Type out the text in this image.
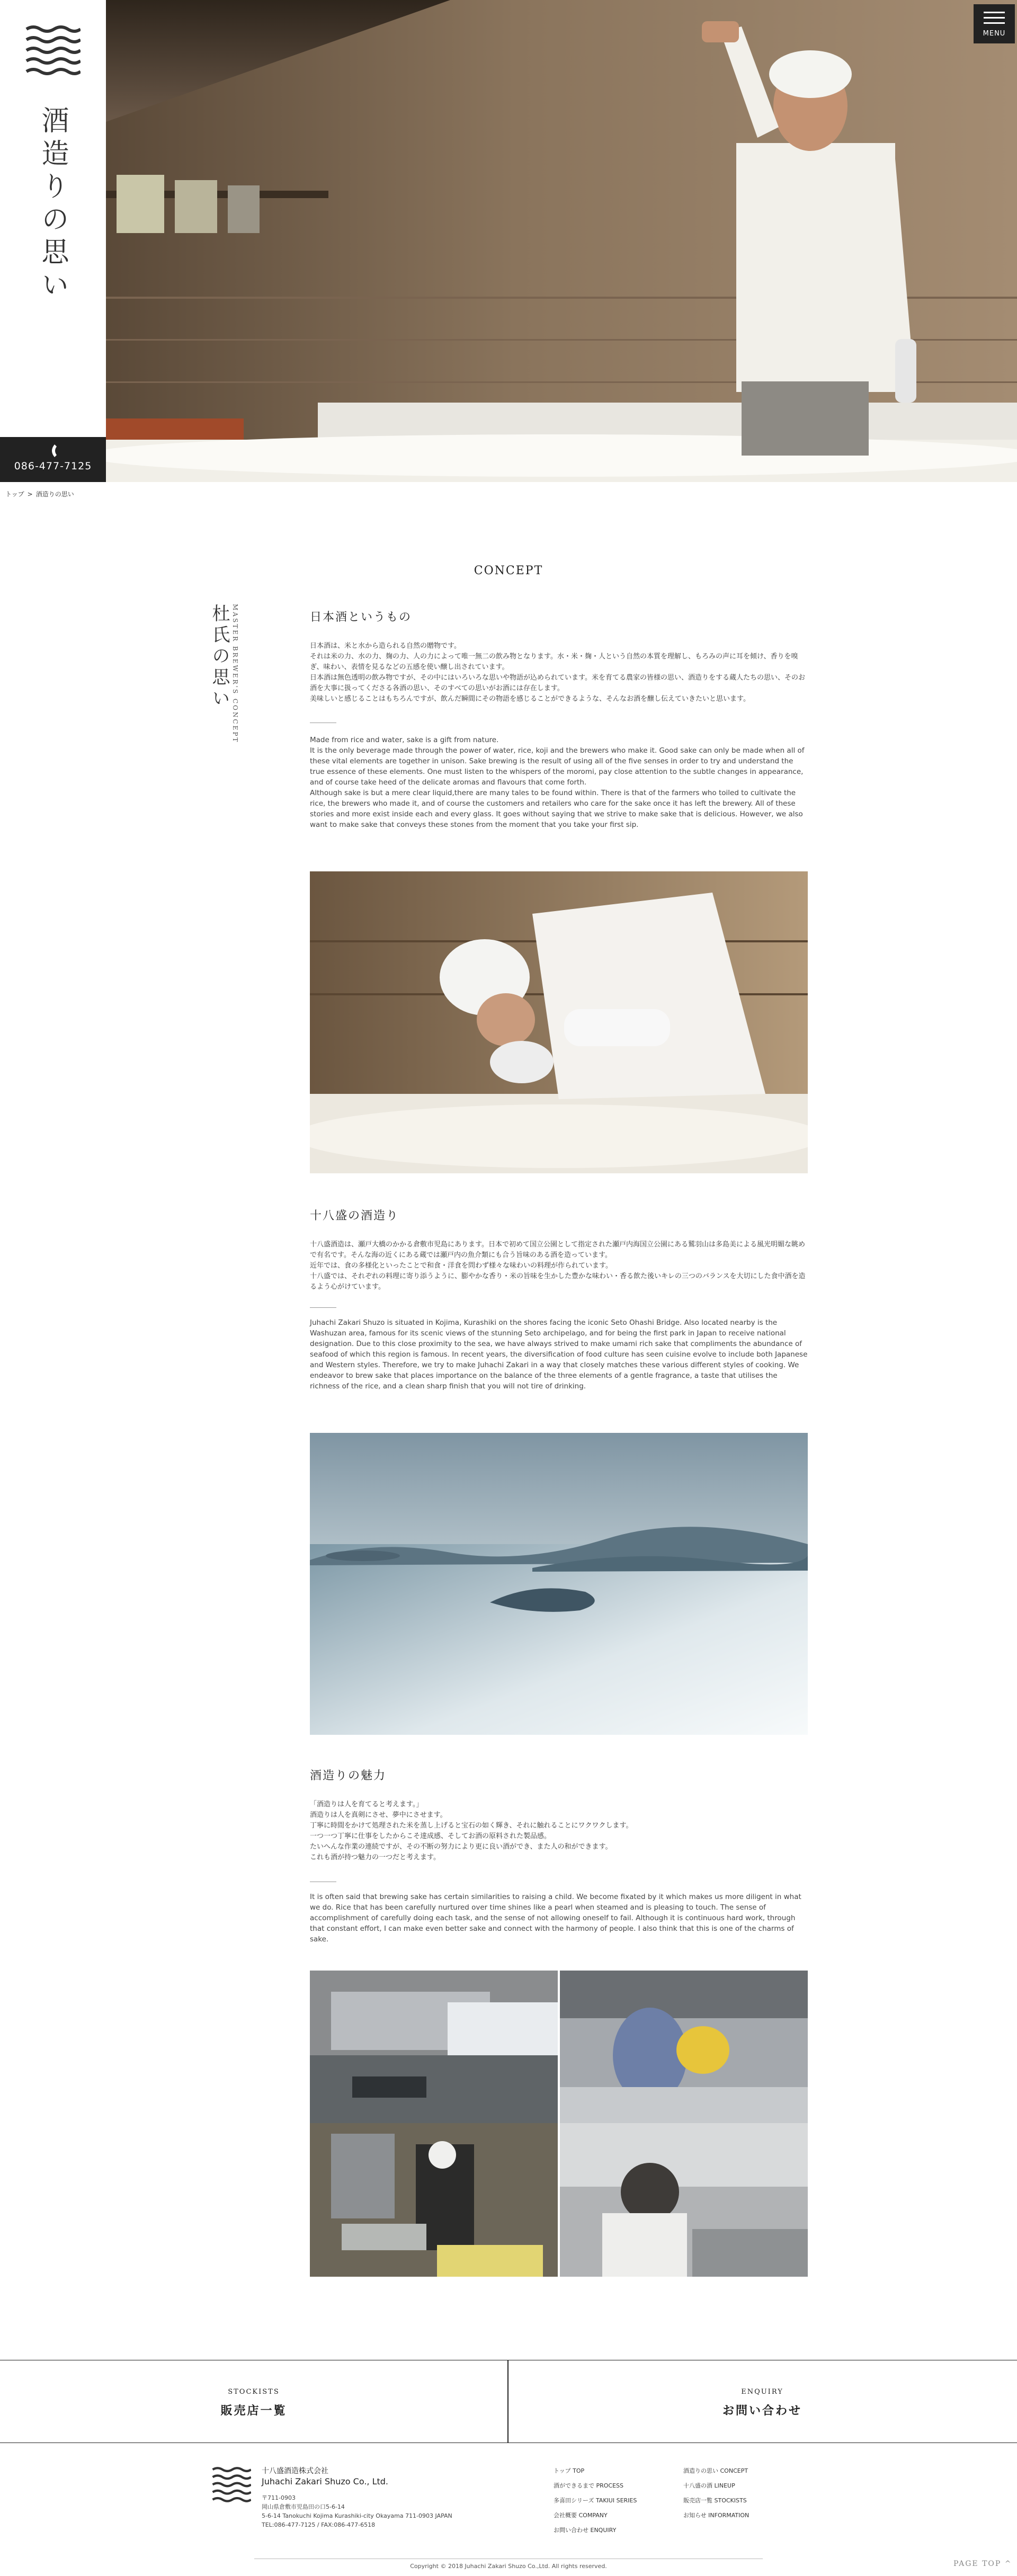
酒造りの思い
086-477-7125
MENU
トップ > 酒造りの思い
CONCEPT
杜氏の思い MASTER BREWER'S CONCEPT	日本酒というもの
日本酒は、米と水から造られる自然の贈物です。
それは米の力、水の力、麹の力、人の力によって唯一無二の飲み物となります。水・米・麹・人という自然の本質を理解し、もろみの声に耳を傾け、香りを嗅ぎ、味わい、表情を見るなどの五感を使い醸し出されています。
日本酒は無色透明の飲み物ですが、その中にはいろいろな思いや物語が込められています。米を育てる農家の皆様の思い、酒造りをする蔵人たちの思い、そのお酒を大事に扱ってくださる各酒の思い、そのすべての思いがお酒には存在します。
美味しいと感じることはもちろんですが、飲んだ瞬間にその物語を感じることができるような、そんなお酒を醸し伝えていきたいと思います。
Made from rice and water, sake is a gift from nature.
It is the only beverage made through the power of water, rice, koji and the brewers who make it. Good sake can only be made when all of these vital elements are together in unison. Sake brewing is the result of using all of the five senses in order to try and understand the true essence of these elements. One must listen to the whispers of the moromi, pay close attention to the subtle changes in appearance, and of course take heed of the delicate aromas and flavours that come forth.
Although sake is but a mere clear liquid,there are many tales to be found within. There is that of the farmers who toiled to cultivate the rice, the brewers who made it, and of course the customers and retailers who care for the sake once it has left the brewery. All of these stories and more exist inside each and every glass. It goes without saying that we strive to make sake that is delicious. However, we also want to make sake that conveys these stones from the moment that you take your first sip.
十八盛の酒造り
十八盛酒造は、瀬戸大橋のかかる倉敷市児島にあります。日本で初めて国立公園として指定された瀬戸内海国立公園にある鷲羽山は多島美による風光明媚な眺めで有名です。そんな海の近くにある蔵では瀬戸内の魚介類にも合う旨味のある酒を造っています。
近年では、食の多様化といったことで和食・洋食を問わず様々な味わいの料理が作られています。
十八盛では、それぞれの料理に寄り添うように、膨やかな香り・米の旨味を生かした豊かな味わい・香る飲た後いキレの三つのバランスを大切にした食中酒を造るよう心がけています。
Juhachi Zakari Shuzo is situated in Kojima, Kurashiki on the shores facing the iconic Seto Ohashi Bridge. Also located nearby is the Washuzan area, famous for its scenic views of the stunning Seto archipelago, and for being the first park in Japan to receive national designation. Due to this close proximity to the sea, we have always strived to make umami rich sake that compliments the abundance of seafood of which this region is famous. In recent years, the diversification of food culture has seen cuisine evolve to include both Japanese and Western styles. Therefore, we try to make Juhachi Zakari in a way that closely matches these various different styles of cooking. We endeavor to brew sake that places importance on the balance of the three elements of a gentle fragrance, a taste that utilises the richness of the rice, and a clean sharp finish that you will not tire of drinking.
酒造りの魅力
「酒造りは人を育てると考えます。」
酒造りは人を真剣にさせ、夢中にさせます。
丁寧に時間をかけて処理された米を蒸し上げると宝石の如く輝き、それに触れることにワクワクします。
一つ一つ丁寧に仕事をしたからこそ達成感、そしてお酒の原料された製品感。
たいへんな作業の連続ですが、その不断の努力により更に良い酒ができ、また人の和ができます。
これも酒が持つ魅力の一つだと考えます。
It is often said that brewing sake has certain similarities to raising a child. We become fixated by it which makes us more diligent in what we do. Rice that has been carefully nurtured over time shines like a pearl when steamed and is pleasing to touch. The sense of accomplishment of carefully doing each task, and the sense of not allowing oneself to fail. Although it is continuous hard work, through that constant effort, I can make even better sake and connect with the harmony of people. I also think that this is one of the charms of sake.
STOCKISTS
販売店一覧
ENQUIRY
お問い合わせ
十八盛酒造株式会社
Juhachi Zakari Shuzo Co., Ltd.
〒711-0903
岡山県倉敷市児島田の口5-6-14
5-6-14 Tanokuchi Kojima Kurashiki-city Okayama 711-0903 JAPAN
TEL:086-477-7125 / FAX:086-477-6518
トップ TOP
酒ができるまで PROCESS
多喜田シリーズ TAKIUI SERIES
会社概要 COMPANY
お問い合わせ ENQUIRY
酒造りの思い CONCEPT
十八盛の酒 LINEUP
販売店一覧 STOCKISTS
お知らせ INFORMATION
Copyright © 2018 Juhachi Zakari Shuzo Co.,Ltd. All rights reserved.	PAGE TOP ^
